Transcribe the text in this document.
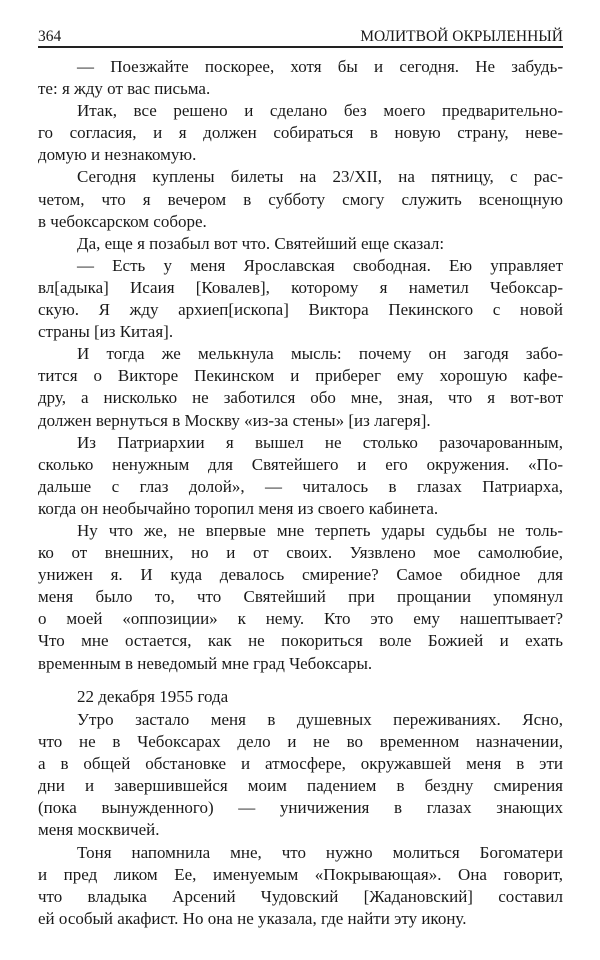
364	МОЛИТВОЙ ОКРЫЛЕННЫЙ
— Поезжайте поскорее, хотя бы и сегодня. Не забудь-
те: я жду от вас письма.
Итак, все решено и сделано без моего предварительно-
го согласия, и я должен собираться в новую страну, неве-
домую и незнакомую.
Сегодня куплены билеты на 23/XII, на пятницу, с рас-
четом, что я вечером в субботу смогу служить всенощную
в чебоксарском соборе.
Да, еще я позабыл вот что. Святейший еще сказал:
— Есть у меня Ярославская свободная. Ею управляет
вл[адыка] Исаия [Ковалев], которому я наметил Чебоксар-
скую. Я жду архиеп[ископа] Виктора Пекинского с новой
страны [из Китая].
И тогда же мелькнула мысль: почему он загодя забо-
тится о Викторе Пекинском и приберег ему хорошую кафе-
дру, а нисколько не заботился обо мне, зная, что я вот-вот
должен вернуться в Москву «из-за стены» [из лагеря].
Из Патриархии я вышел не столько разочарованным,
сколько ненужным для Святейшего и его окружения. «По-
дальше с глаз долой», — читалось в глазах Патриарха,
когда он необычайно торопил меня из своего кабинета.
Ну что же, не впервые мне терпеть удары судьбы не толь-
ко от внешних, но и от своих. Уязвлено мое самолюбие,
унижен я. И куда девалось смирение? Самое обидное для
меня было то, что Святейший при прощании упомянул
о моей «оппозиции» к нему. Кто это ему нашептывает?
Что мне остается, как не покориться воле Божией и ехать
временным в неведомый мне град Чебоксары.
22 декабря 1955 года
Утро застало меня в душевных переживаниях. Ясно,
что не в Чебоксарах дело и не во временном назначении,
а в общей обстановке и атмосфере, окружавшей меня в эти
дни и завершившейся моим падением в бездну смирения
(пока вынужденного) — уничижения в глазах знающих
меня москвичей.
Тоня напомнила мне, что нужно молиться Богоматери
и пред ликом Ее, именуемым «Покрывающая». Она говорит,
что владыка Арсений Чудовский [Жадановский] составил
ей особый акафист. Но она не указала, где найти эту икону.
